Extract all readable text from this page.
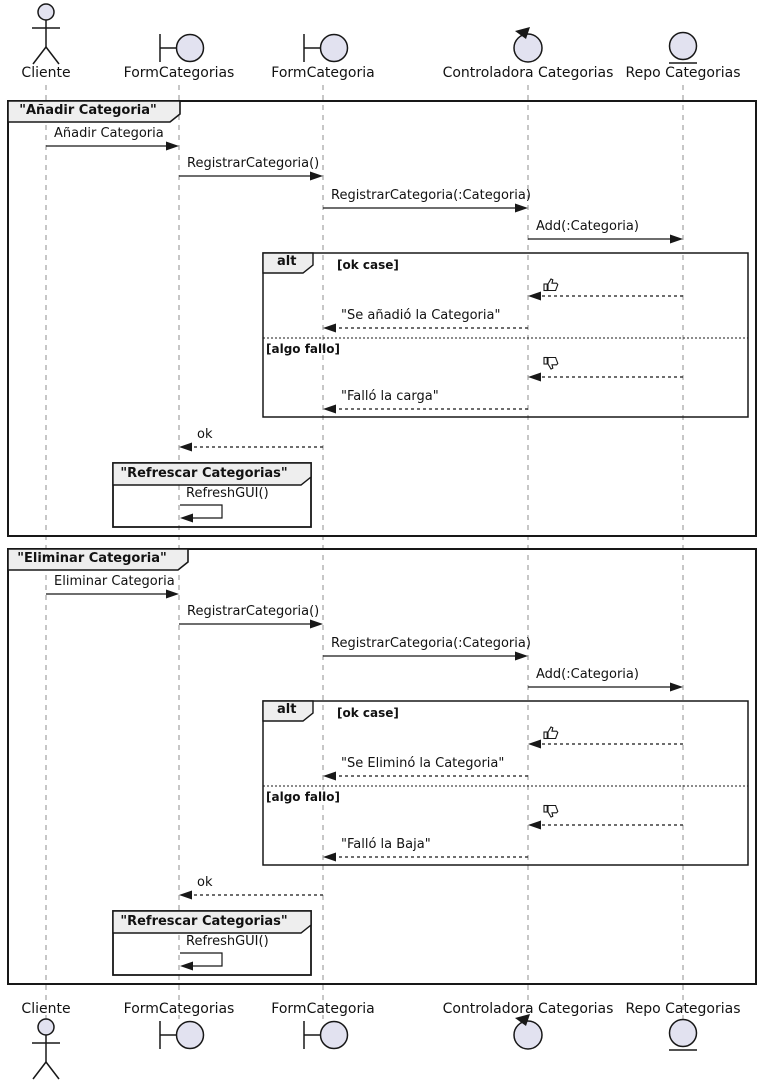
Cliente
Cliente
FormCategorias
FormCategorias
FormCategoria
FormCategoria
Controladora Categorias
Controladora Categorias
Repo Categorias
Repo Categorias
"Añadir Categoria"
alt	[ok case]
[algo fallo]
"Refrescar Categorias"
Añadir Categoria
RegistrarCategoria()
RegistrarCategoria(:Categoria)
Add(:Categoria)
"Se añadió la Categoria"
"Falló la carga"
ok
RefreshGUI()
"Eliminar Categoria"
alt	[ok case]
[algo fallo]
"Refrescar Categorias"
Eliminar Categoria
RegistrarCategoria()
RegistrarCategoria(:Categoria)
Add(:Categoria)
"Se Eliminó la Categoria"
"Falló la Baja"
ok
RefreshGUI()
